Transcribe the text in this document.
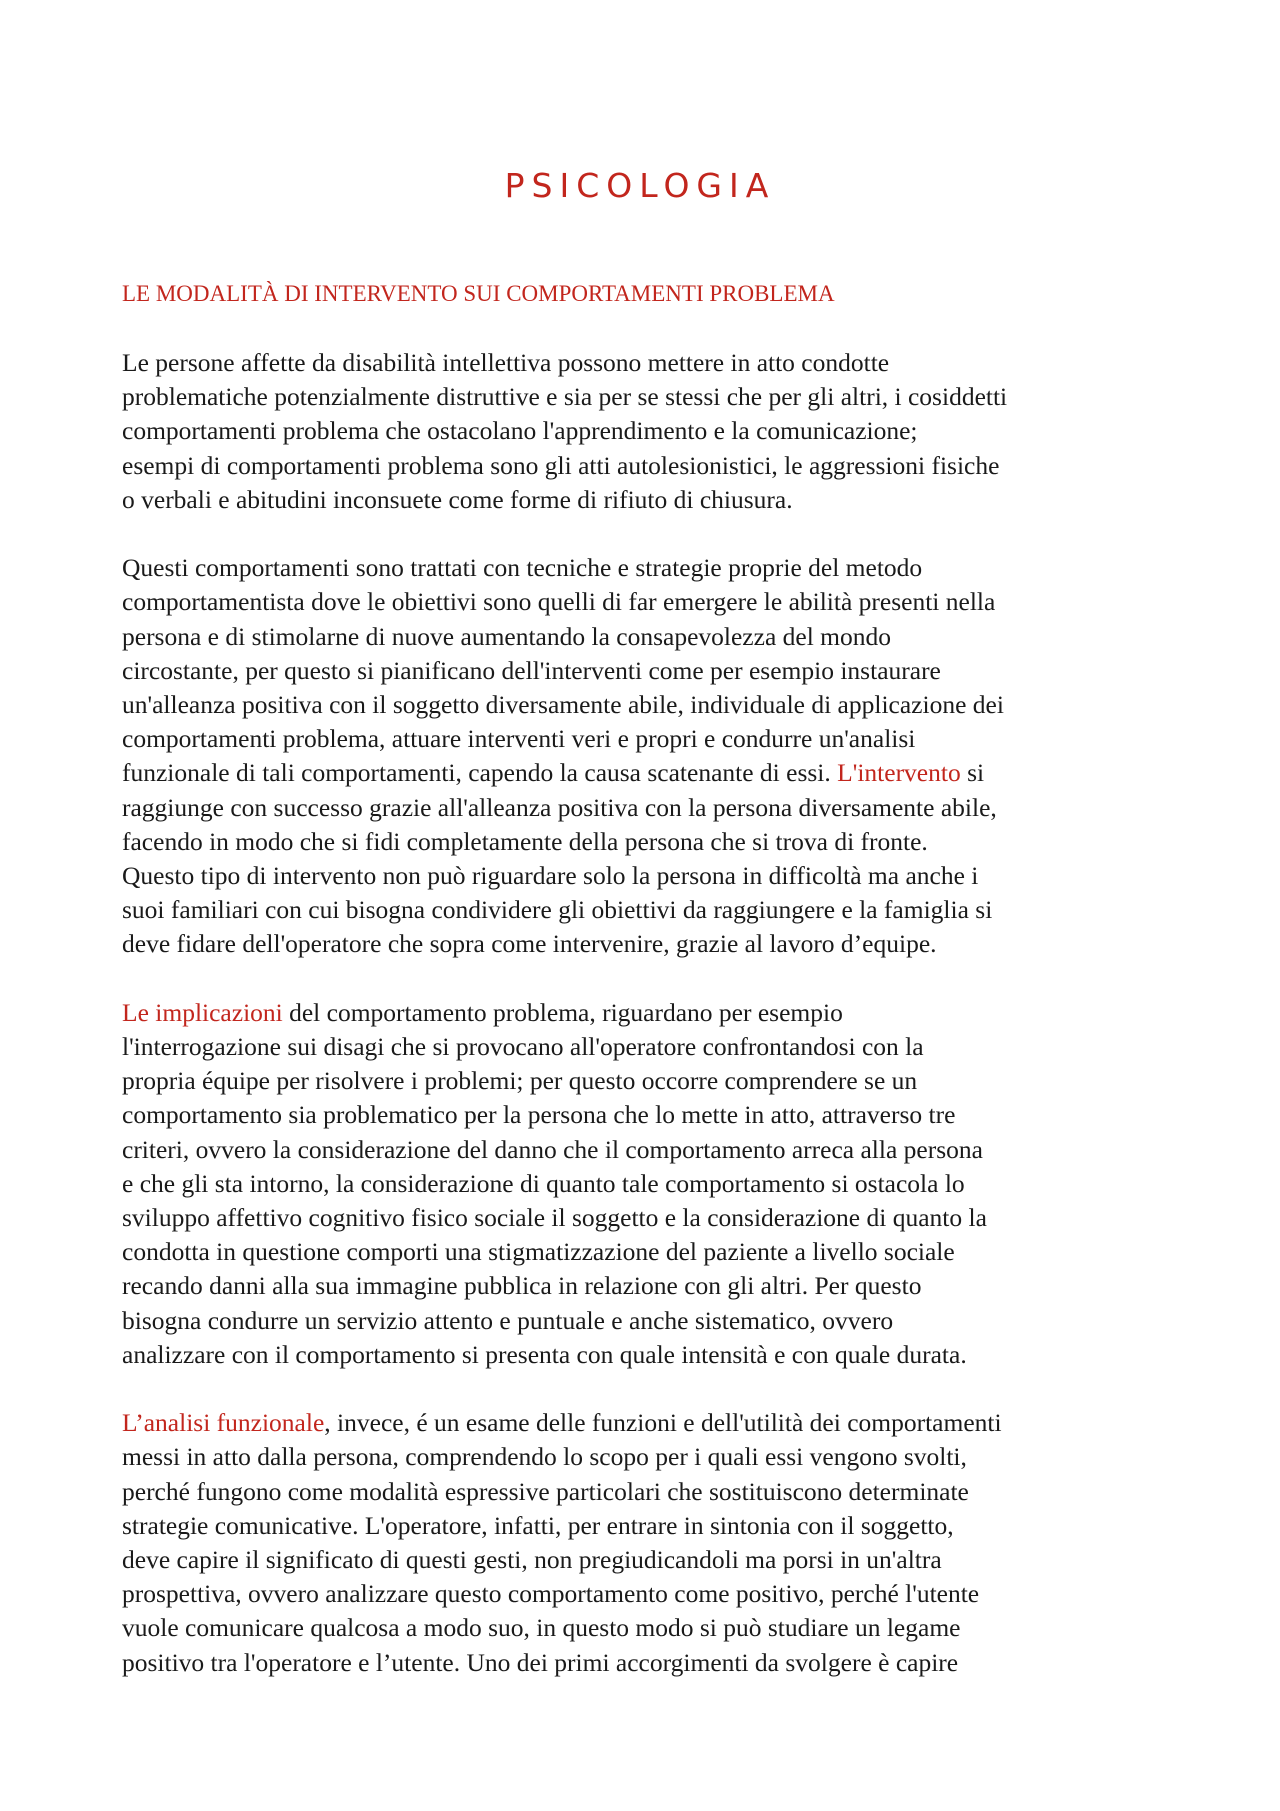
PSICOLOGIA
LE MODALITÀ DI INTERVENTO SUI COMPORTAMENTI PROBLEMA

Le persone affette da disabilità intellettiva possono mettere in atto condotte
problematiche potenzialmente distruttive e sia per se stessi che per gli altri, i cosiddetti
comportamenti problema che ostacolano l'apprendimento e la comunicazione;
esempi di comportamenti problema sono gli atti autolesionistici, le aggressioni fisiche
o verbali e abitudini inconsuete come forme di rifiuto di chiusura.

Questi comportamenti sono trattati con tecniche e strategie proprie del metodo
comportamentista dove le obiettivi sono quelli di far emergere le abilità presenti nella
persona e di stimolarne di nuove aumentando la consapevolezza del mondo
circostante, per questo si pianificano dell'interventi come per esempio instaurare
un'alleanza positiva con il soggetto diversamente abile, individuale di applicazione dei
comportamenti problema, attuare interventi veri e propri e condurre un'analisi
funzionale di tali comportamenti, capendo la causa scatenante di essi. L'intervento si
raggiunge con successo grazie all'alleanza positiva con la persona diversamente abile,
facendo in modo che si fidi completamente della persona che si trova di fronte.
Questo tipo di intervento non può riguardare solo la persona in difficoltà ma anche i
suoi familiari con cui bisogna condividere gli obiettivi da raggiungere e la famiglia si
deve fidare dell'operatore che sopra come intervenire, grazie al lavoro d’equipe.

Le implicazioni del comportamento problema, riguardano per esempio
l'interrogazione sui disagi che si provocano all'operatore confrontandosi con la
propria équipe per risolvere i problemi; per questo occorre comprendere se un
comportamento sia problematico per la persona che lo mette in atto, attraverso tre
criteri, ovvero la considerazione del danno che il comportamento arreca alla persona
e che gli sta intorno, la considerazione di quanto tale comportamento si ostacola lo
sviluppo affettivo cognitivo fisico sociale il soggetto e la considerazione di quanto la
condotta in questione comporti una stigmatizzazione del paziente a livello sociale
recando danni alla sua immagine pubblica in relazione con gli altri. Per questo
bisogna condurre un servizio attento e puntuale e anche sistematico, ovvero
analizzare con il comportamento si presenta con quale intensità e con quale durata.

L’analisi funzionale, invece, é un esame delle funzioni e dell'utilità dei comportamenti
messi in atto dalla persona, comprendendo lo scopo per i quali essi vengono svolti,
perché fungono come modalità espressive particolari che sostituiscono determinate
strategie comunicative. L'operatore, infatti, per entrare in sintonia con il soggetto,
deve capire il significato di questi gesti, non pregiudicandoli ma porsi in un'altra
prospettiva, ovvero analizzare questo comportamento come positivo, perché l'utente
vuole comunicare qualcosa a modo suo, in questo modo si può studiare un legame
positivo tra l'operatore e l’utente. Uno dei primi accorgimenti da svolgere è capire
